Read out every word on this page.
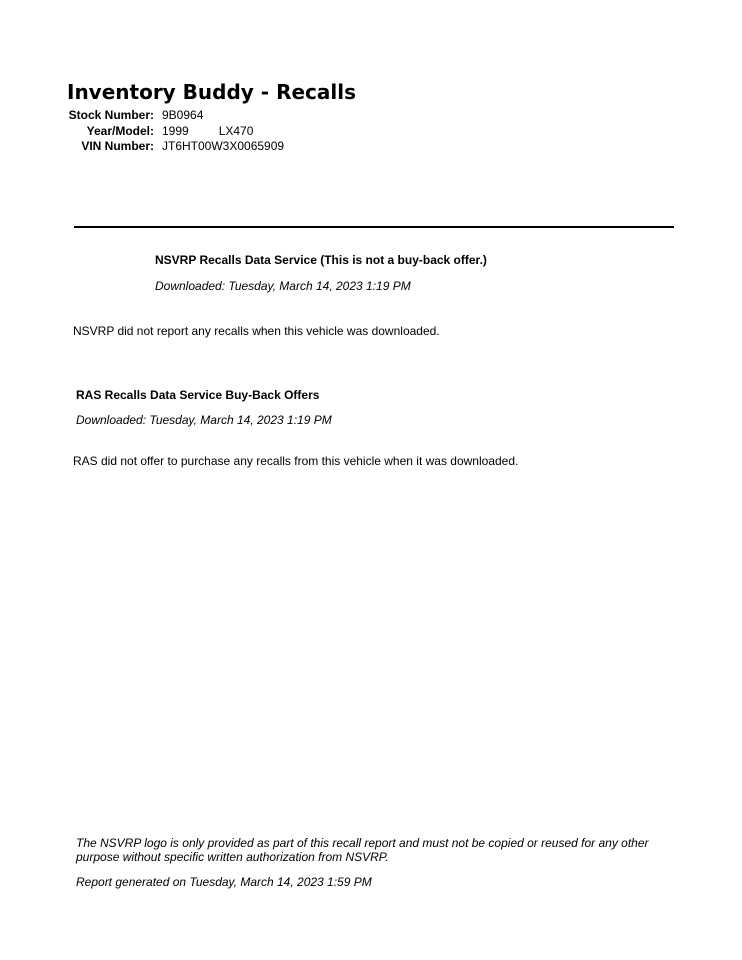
Inventory Buddy - Recalls
Stock Number: 9B0964
Year/Model: 1999	LX470
VIN Number: JT6HT00W3X0065909
NSVRP Recalls Data Service (This is not a buy-back offer.)
Downloaded: Tuesday, March 14, 2023 1:19 PM
NSVRP did not report any recalls when this vehicle was downloaded.
RAS Recalls Data Service Buy-Back Offers
Downloaded: Tuesday, March 14, 2023 1:19 PM
RAS did not offer to purchase any recalls from this vehicle when it was downloaded.
The NSVRP logo is only provided as part of this recall report and must not be copied or reused for any other purpose without specific written authorization from NSVRP.
Report generated on Tuesday, March 14, 2023 1:59 PM
